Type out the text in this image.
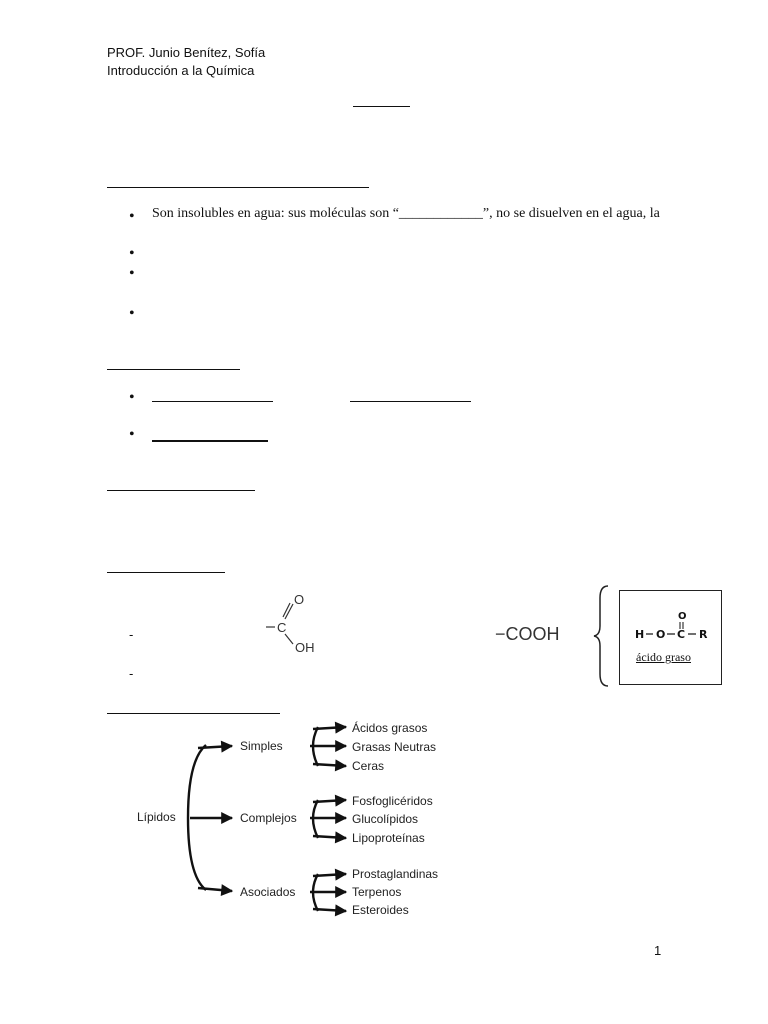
PROF. Junio Benítez, Sofía
Introducción a la Química
• Son insolubles en agua: sus moléculas son “____________”, no se disuelven en el agua, la
•
•
•
•
•
-
-
O
C
OH
−COOH
O
H O C R
ácido graso
Lípidos
Simples
Complejos
Asociados
Ácidos grasos
Grasas Neutras
Ceras
Fosfoglicéridos
Glucolípidos
Lipoproteínas
Prostaglandinas
Terpenos
Esteroides
1
